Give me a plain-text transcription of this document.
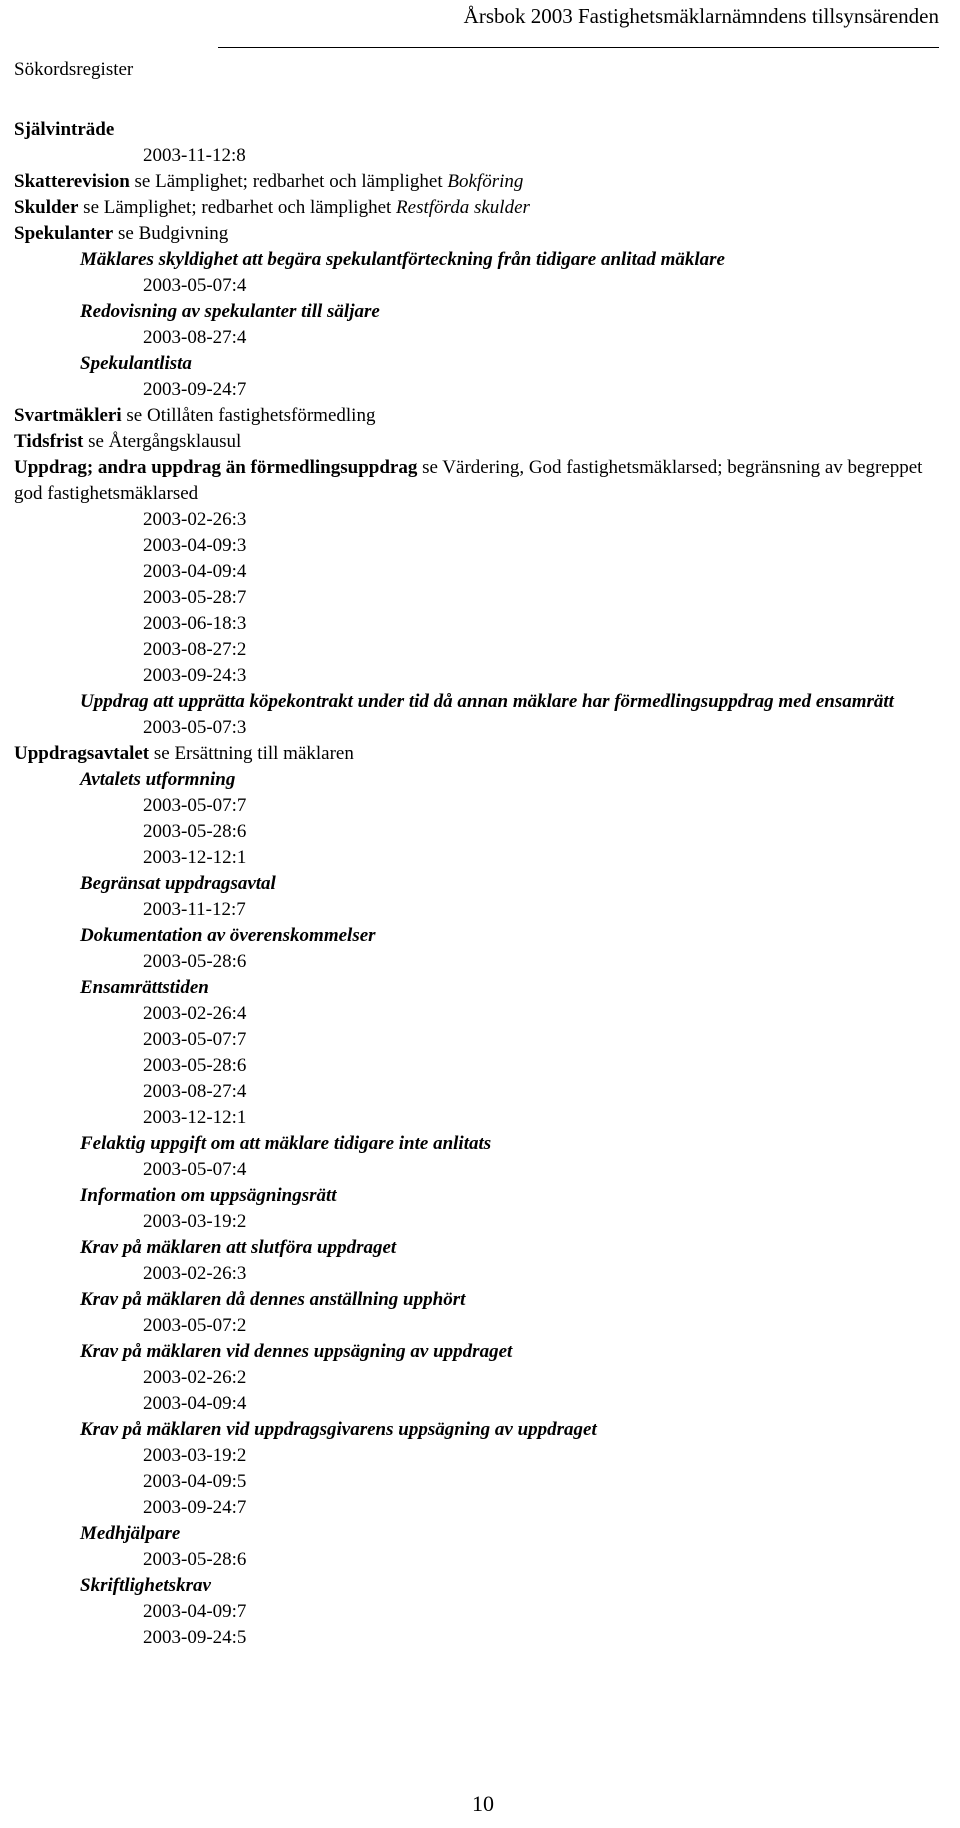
Årsbok 2003 Fastighetsmäklarnämndens tillsynsärenden
Sökordsregister
Självinträde
2003-11-12:8
Skatterevision se Lämplighet; redbarhet och lämplighet Bokföring
Skulder se Lämplighet; redbarhet och lämplighet Restförda skulder
Spekulanter se Budgivning
Mäklares skyldighet att begära spekulantförteckning från tidigare anlitad mäklare
2003-05-07:4
Redovisning av spekulanter till säljare
2003-08-27:4
Spekulantlista
2003-09-24:7
Svartmäkleri se Otillåten fastighetsförmedling
Tidsfrist se Återgångsklausul
Uppdrag; andra uppdrag än förmedlingsuppdrag se Värdering, God fastighetsmäklarsed; begränsning av begreppet god fastighetsmäklarsed
2003-02-26:3
2003-04-09:3
2003-04-09:4
2003-05-28:7
2003-06-18:3
2003-08-27:2
2003-09-24:3
Uppdrag att upprätta köpekontrakt under tid då annan mäklare har förmedlingsuppdrag med ensamrätt
2003-05-07:3
Uppdragsavtalet se Ersättning till mäklaren
Avtalets utformning
2003-05-07:7
2003-05-28:6
2003-12-12:1
Begränsat uppdragsavtal
2003-11-12:7
Dokumentation av överenskommelser
2003-05-28:6
Ensamrättstiden
2003-02-26:4
2003-05-07:7
2003-05-28:6
2003-08-27:4
2003-12-12:1
Felaktig uppgift om att mäklare tidigare inte anlitats
2003-05-07:4
Information om uppsägningsrätt
2003-03-19:2
Krav på mäklaren att slutföra uppdraget
2003-02-26:3
Krav på mäklaren då dennes anställning upphört
2003-05-07:2
Krav på mäklaren vid dennes uppsägning av uppdraget
2003-02-26:2
2003-04-09:4
Krav på mäklaren vid uppdragsgivarens uppsägning av uppdraget
2003-03-19:2
2003-04-09:5
2003-09-24:7
Medhjälpare
2003-05-28:6
Skriftlighetskrav
2003-04-09:7
2003-09-24:5
10
